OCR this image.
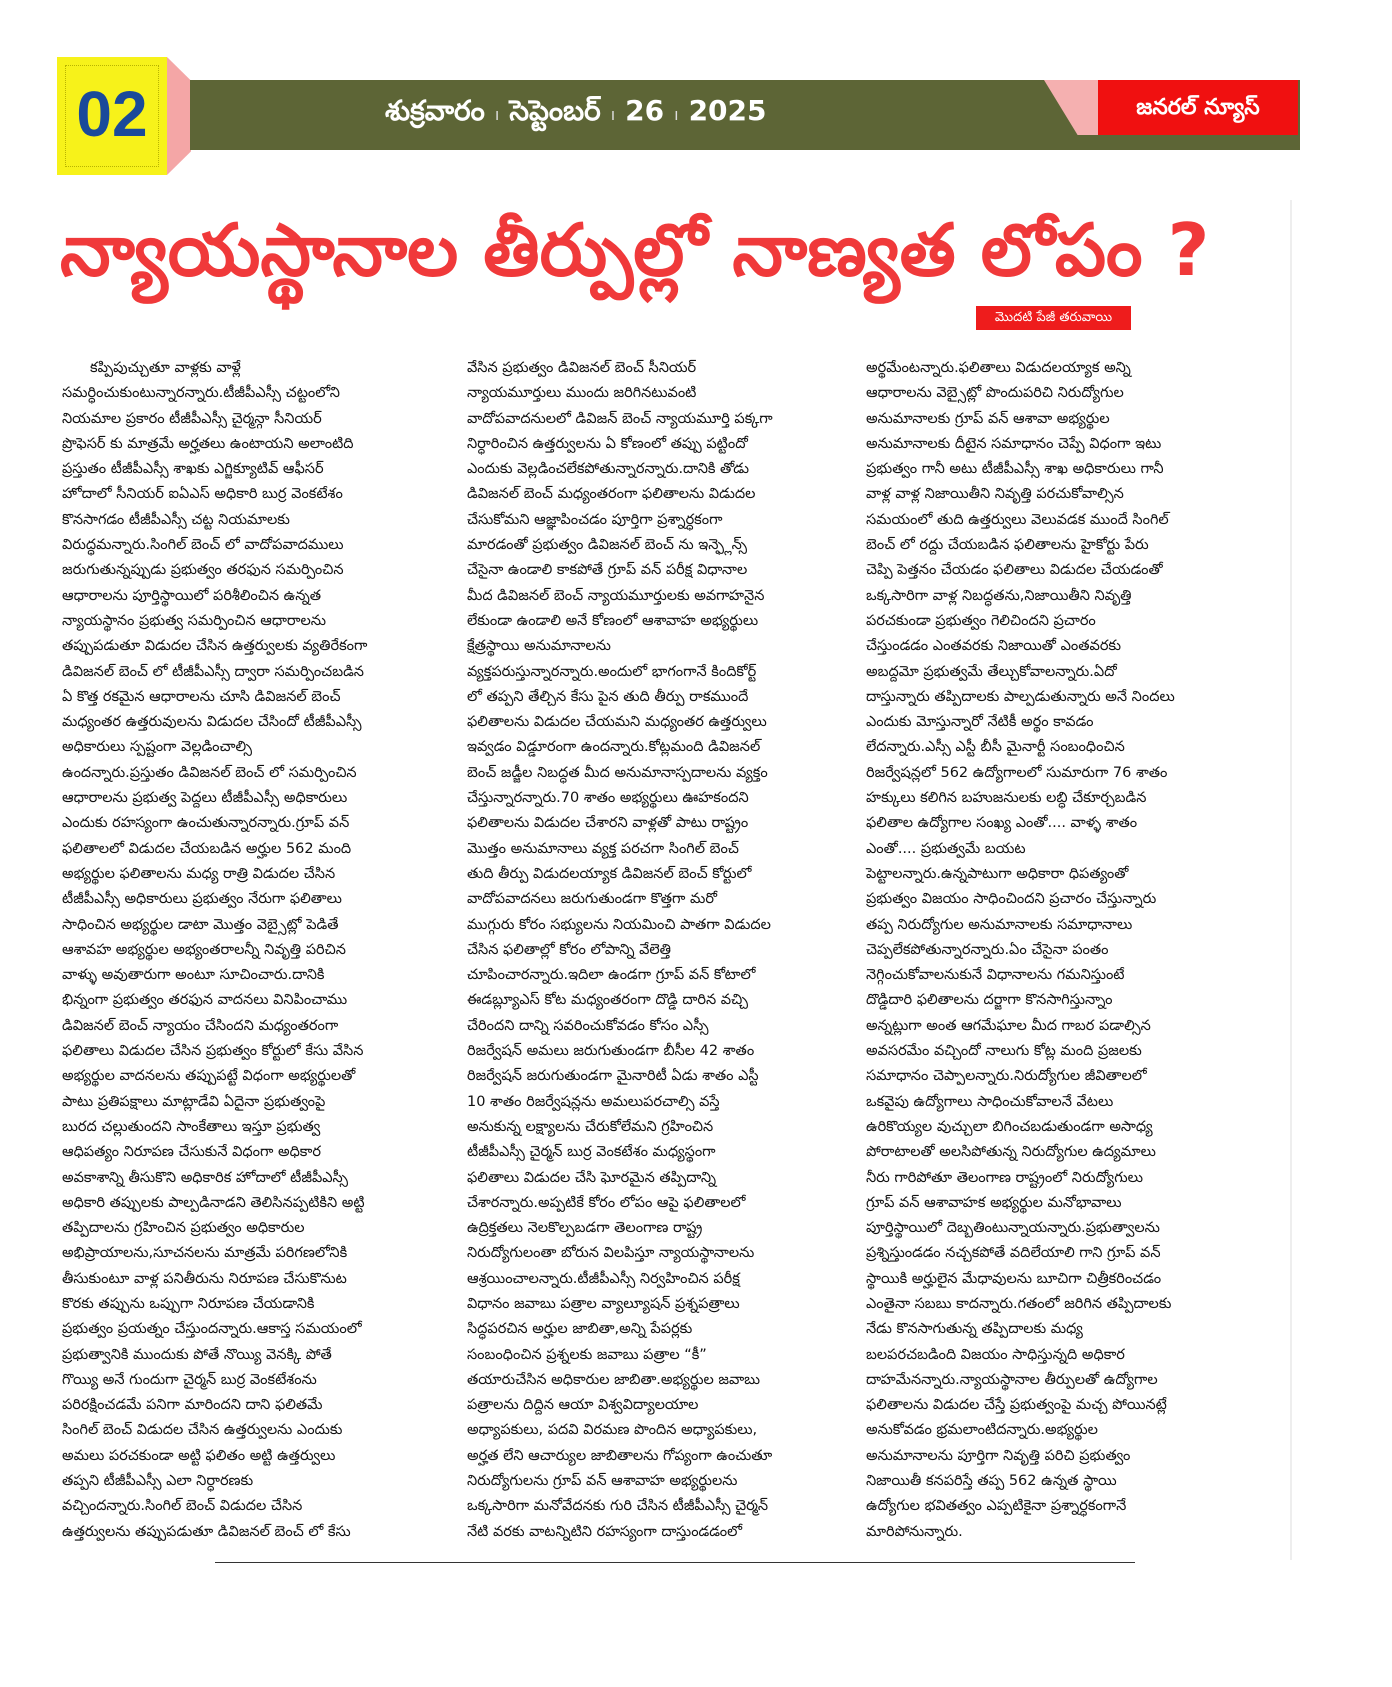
02	శుక్రవారం ı సెప్టెంబర్ ı 26 ı 2025	జనరల్ న్యూస్
న్యాయస్థానాల తీర్పుల్లో నాణ్యత లోపం ?
మొదటి పేజీ తరువాయి
కప్పిపుచ్చుతూ వాళ్లకు వాళ్లే
సమర్ధించుకుంటున్నారన్నారు.టీజీపీఎస్సీ చట్టంలోని
నియమాల ప్రకారం టీజీపీఎస్సీ చైర్మన్గా సీనియర్
ప్రొఫెసర్ కు మాత్రమే అర్హతలు ఉంటాయని అలాంటిది
ప్రస్తుతం టీజీపీఎస్సీ శాఖకు ఎగ్జిక్యూటివ్ ఆఫీసర్
హోదాలో సీనియర్ ఐఏఎస్ అధికారి బుర్ర వెంకటేశం
కొనసాగడం టీజీపీఎస్సీ చట్ట నియమాలకు
విరుద్ధమన్నారు.సింగిల్ బెంచ్ లో వాదోపవాదములు
జరుగుతున్నప్పుడు ప్రభుత్వం తరఫున సమర్పించిన
ఆధారాలను పూర్తిస్థాయిలో పరిశీలించిన ఉన్నత
న్యాయస్థానం ప్రభుత్వ సమర్పించిన ఆధారాలను
తప్పుపడుతూ విడుదల చేసిన ఉత్తర్వులకు వ్యతిరేకంగా
డివిజనల్ బెంచ్ లో టీజీపీఎస్సీ ద్వారా సమర్పించబడిన
ఏ కొత్త రకమైన ఆధారాలను చూసి డివిజనల్ బెంచ్
మధ్యంతర ఉత్తరువులను విడుదల చేసిందో టీజీపీఎస్సీ
అధికారులు స్పష్టంగా వెల్లడించాల్సి
ఉందన్నారు.ప్రస్తుతం డివిజనల్ బెంచ్ లో సమర్పించిన
ఆధారాలను ప్రభుత్వ పెద్దలు టీజీపీఎస్సీ అధికారులు
ఎందుకు రహస్యంగా ఉంచుతున్నారన్నారు.గ్రూప్ వన్
ఫలితాలలో విడుదల చేయబడిన అర్హుల 562 మంది
అభ్యర్థుల ఫలితాలను మధ్య రాత్రి విడుదల చేసిన
టీజీపీఎస్సీ అధికారులు ప్రభుత్వం నేరుగా ఫలితాలు
సాధించిన అభ్యర్థుల డాటా మొత్తం వెబ్సైట్లో పెడితే
ఆశావహ అభ్యర్థుల అభ్యంతరాలన్నీ నివృత్తి పరిచిన
వాళ్ళు అవుతారుగా అంటూ సూచించారు.దానికి
భిన్నంగా ప్రభుత్వం తరఫున వాదనలు వినిపించాము
డివిజనల్ బెంచ్ న్యాయం చేసిందని మధ్యంతరంగా
ఫలితాలు విడుదల చేసిన ప్రభుత్వం కోర్టులో కేసు వేసిన
అభ్యర్థుల వాదనలను తప్పుపట్టే విధంగా అభ్యర్థులతో
పాటు ప్రతిపక్షాలు మాట్లాడేవి ఏదైనా ప్రభుత్వంపై
బురద చల్లుతుందని సాంకేతాలు ఇస్తూ ప్రభుత్వ
ఆధిపత్యం నిరూపణ చేసుకునే విధంగా అధికార
అవకాశాన్ని తీసుకొని అధికారిక హోదాలో టీజీపీఎస్సీ
అధికారి తప్పులకు పాల్పడినాడని తెలిసినప్పటికిని అట్టి
తప్పిదాలను గ్రహించిన ప్రభుత్వం అధికారుల
అభిప్రాయాలను,సూచనలను మాత్రమే పరిగణలోనికి
తీసుకుంటూ వాళ్ల పనితీరును నిరూపణ చేసుకొనుట
కొరకు తప్పును ఒప్పుగా నిరూపణ చేయడానికి
ప్రభుత్వం ప్రయత్నం చేస్తుందన్నారు.ఆకాస్త సమయంలో
ప్రభుత్వానికి ముందుకు పోతే నొయ్యి వెనక్కి పోతే
గొయ్యి అనే గుందుగా చైర్మన్ బుర్ర వెంకటేశంను
పరిరక్షించడమే పనిగా మారిందని దాని ఫలితమే
సింగిల్ బెంచ్ విడుదల చేసిన ఉత్తర్వులను ఎందుకు
అమలు పరచకుండా అట్టి ఫలితం అట్టి ఉత్తర్వులు
తప్పని టీజీపీఎస్సీ ఎలా నిర్ధారణకు
వచ్చిందన్నారు.సింగిల్ బెంచ్ విడుదల చేసిన
ఉత్తర్వులను తప్పుపడుతూ డివిజనల్ బెంచ్ లో కేసు
వేసిన ప్రభుత్వం డివిజనల్ బెంచ్ సీనియర్
న్యాయమూర్తులు ముందు జరిగినటువంటి
వాదోపవాదనులలో డివిజన్ బెంచ్ న్యాయమూర్తి పక్కగా
నిర్ధారించిన ఉత్తర్వులను ఏ కోణంలో తప్పు పట్టిందో
ఎందుకు వెల్లడించలేకపోతున్నారన్నారు.దానికి తోడు
డివిజనల్ బెంచ్ మధ్యంతరంగా ఫలితాలను విడుదల
చేసుకోమని ఆజ్ఞాపించడం పూర్తిగా ప్రశ్నార్ధకంగా
మారడంతో ప్రభుత్వం డివిజనల్ బెంచ్ ను ఇన్ఫ్లెన్స్
చేసైనా ఉండాలి కాకపోతే గ్రూప్ వన్ పరీక్ష విధానాల
మీద డివిజనల్ బెంచ్ న్యాయమూర్తులకు అవగాహనైన
లేకుండా ఉండాలి అనే కోణంలో ఆశావాహ అభ్యర్థులు
క్షేత్రస్థాయి అనుమానాలను
వ్యక్తపరుస్తున్నారన్నారు.అందులో భాగంగానే కిందికోర్ట్
లో తప్పని తేల్చిన కేసు పైన తుది తీర్పు రాకముందే
ఫలితాలను విడుదల చేయమని మధ్యంతర ఉత్తర్వులు
ఇవ్వడం విడ్డూరంగా ఉందన్నారు.కోట్లమంది డివిజనల్
బెంచ్ జడ్జీల నిబద్ధత మీద అనుమానాస్పదాలను వ్యక్తం
చేస్తున్నారన్నారు.70 శాతం అభ్యర్థులు ఊహకందని
ఫలితాలను విడుదల చేశారని వాళ్లతో పాటు రాష్ట్రం
మొత్తం అనుమానాలు వ్యక్త పరచగా సింగిల్ బెంచ్
తుది తీర్పు విడుదలయ్యాక డివిజనల్ బెంచ్ కోర్టులో
వాదోపవాదనలు జరుగుతుండగా కొత్తగా మరో
ముగ్గురు కోరం సభ్యులను నియమించి పాతగా విడుదల
చేసిన ఫలితాల్లో కోరం లోపాన్ని వేలెత్తి
చూపించారన్నారు.ఇదిలా ఉండగా గ్రూప్ వన్ కోటాలో
ఈడబ్ల్యూఎస్ కోట మధ్యంతరంగా దొడ్డి దారిన వచ్చి
చేరిందని దాన్ని సవరించుకోవడం కోసం ఎస్సీ
రిజర్వేషన్ అమలు జరుగుతుండగా బీసీల 42 శాతం
రిజర్వేషన్ జరుగుతుండగా మైనారిటీ ఏడు శాతం ఎస్టీ
10 శాతం రిజర్వేషన్లను అమలుపరచాల్సి వస్తే
అనుకున్న లక్ష్యాలను చేరుకోలేమని గ్రహించిన
టీజీపీఎస్సీ చైర్మన్ బుర్ర వెంకటేశం మధ్యస్థంగా
ఫలితాలు విడుదల చేసి ఘోరమైన తప్పిదాన్ని
చేశారన్నారు.అప్పటికే కోరం లోపం ఆపై ఫలితాలలో
ఉద్రిక్తతలు నెలకొల్పబడగా తెలంగాణ రాష్ట్ర
నిరుద్యోగులంతా బోరున విలపిస్తూ న్యాయస్థానాలను
ఆశ్రయించాలన్నారు.టీజీపీఎస్సీ నిర్వహించిన పరీక్ష
విధానం జవాబు పత్రాల వ్యాల్యూషన్ ప్రశ్నపత్రాలు
సిద్ధపరచిన అర్హుల జాబితా,అన్ని పేపర్లకు
సంబంధించిన ప్రశ్నలకు జవాబు పత్రాల “కీ”
తయారుచేసిన అధికారుల జాబితా.అభ్యర్థుల జవాబు
పత్రాలను దిద్దిన ఆయా విశ్వవిద్యాలయాల
అధ్యాపకులు, పదవి విరమణ పొందిన అధ్యాపకులు,
అర్హత లేని ఆచార్యుల జాబితాలను గోప్యంగా ఉంచుతూ
నిరుద్యోగులను గ్రూప్ వన్ ఆశావాహ అభ్యర్థులను
ఒక్కసారిగా మనోవేదనకు గురి చేసిన టీజీపీఎస్సీ చైర్మన్
నేటి వరకు వాటన్నిటిని రహస్యంగా దాస్తుండడంలో
అర్థమేంటన్నారు.ఫలితాలు విడుదలయ్యాక అన్ని
ఆధారాలను వెబ్సైట్లో పొందుపరిచి నిరుద్యోగుల
అనుమానాలకు గ్రూప్ వన్ ఆశావా అభ్యర్థుల
అనుమానాలకు దీటైన సమాధానం చెప్పే విధంగా ఇటు
ప్రభుత్వం గానీ అటు టీజీపీఎస్సీ శాఖ అధికారులు గానీ
వాళ్ల వాళ్ల నిజాయితీని నివృత్తి పరచుకోవాల్సిన
సమయంలో తుది ఉత్తర్వులు వెలువడక ముందే సింగిల్
బెంచ్ లో రద్దు చేయబడిన ఫలితాలను హైకోర్టు పేరు
చెప్పి పెత్తనం చేయడం ఫలితాలు విడుదల చేయడంతో
ఒక్కసారిగా వాళ్ల నిబద్ధతను,నిజాయితీని నివృత్తి
పరచకుండా ప్రభుత్వం గెలిచిందని ప్రచారం
చేస్తుండడం ఎంతవరకు నిజాయితో ఎంతవరకు
అబద్దమో ప్రభుత్వమే తేల్చుకోవాలన్నారు.ఏదో
దాస్తున్నారు తప్పిదాలకు పాల్పడుతున్నారు అనే నిందలు
ఎందుకు మోస్తున్నారో నేటికీ అర్థం కావడం
లేదన్నారు.ఎస్సీ ఎస్టీ బీసీ మైనార్టీ సంబంధించిన
రిజర్వేషన్లలో 562 ఉద్యోగాలలో సుమారుగా 76 శాతం
హక్కులు కలిగిన బహుజనులకు లబ్ధి చేకూర్చబడిన
ఫలితాల ఉద్యోగాల సంఖ్య ఎంతో.... వాళ్ళ శాతం
ఎంతో.... ప్రభుత్వమే బయట
పెట్టాలన్నారు.ఉన్నపాటుగా అధికారా ధిపత్యంతో
ప్రభుత్వం విజయం సాధించిందని ప్రచారం చేస్తున్నారు
తప్ప నిరుద్యోగుల అనుమానాలకు సమాధానాలు
చెప్పలేకపోతున్నారన్నారు.ఏం చేసైనా పంతం
నెగ్గించుకోవాలనుకునే విధానాలను గమనిస్తుంటే
దొడ్డిదారి ఫలితాలను దర్జాగా కొనసాగిస్తున్నాం
అన్నట్లుగా అంత ఆగమేఘాల మీద గాబర పడాల్సిన
అవసరమేం వచ్చిందో నాలుగు కోట్ల మంది ప్రజలకు
సమాధానం చెప్పాలన్నారు.నిరుద్యోగుల జీవితాలలో
ఒకవైపు ఉద్యోగాలు సాధించుకోవాలనే వేటలు
ఉరికొయ్యల వుచ్చులా బిగించబడుతుండగా అసాధ్య
పోరాటాలతో అలసిపోతున్న నిరుద్యోగుల ఉద్యమాలు
నీరు గారిపోతూ తెలంగాణ రాష్ట్రంలో నిరుద్యోగులు
గ్రూప్ వన్ ఆశావాహక అభ్యర్థుల మనోభావాలు
పూర్తిస్థాయిలో దెబ్బతింటున్నాయన్నారు.ప్రభుత్వాలను
ప్రశ్నిస్తుండడం నచ్చకపోతే వదిలేయాలి గాని గ్రూప్ వన్
స్థాయికి అర్హులైన మేధావులను బూచిగా చిత్రీకరించడం
ఎంతైనా సబబు కాదన్నారు.గతంలో జరిగిన తప్పిదాలకు
నేడు కొనసాగుతున్న తప్పిదాలకు మధ్య
బలపరచబడింది విజయం సాధిస్తున్నది అధికార
దాహమేనన్నారు.న్యాయస్థానాల తీర్పులతో ఉద్యోగాల
ఫలితాలను విడుదల చేస్తే ప్రభుత్వంపై మచ్చ పోయినట్లే
అనుకోవడం భ్రమలాంటిదన్నారు.అభ్యర్థుల
అనుమానాలను పూర్తిగా నివృత్తి పరిచి ప్రభుత్వం
నిజాయితీ కనపరిస్తే తప్ప 562 ఉన్నత స్థాయి
ఉద్యోగుల భవితత్వం ఎప్పటికైనా ప్రశ్నార్ధకంగానే
మారిపోనున్నారు.
